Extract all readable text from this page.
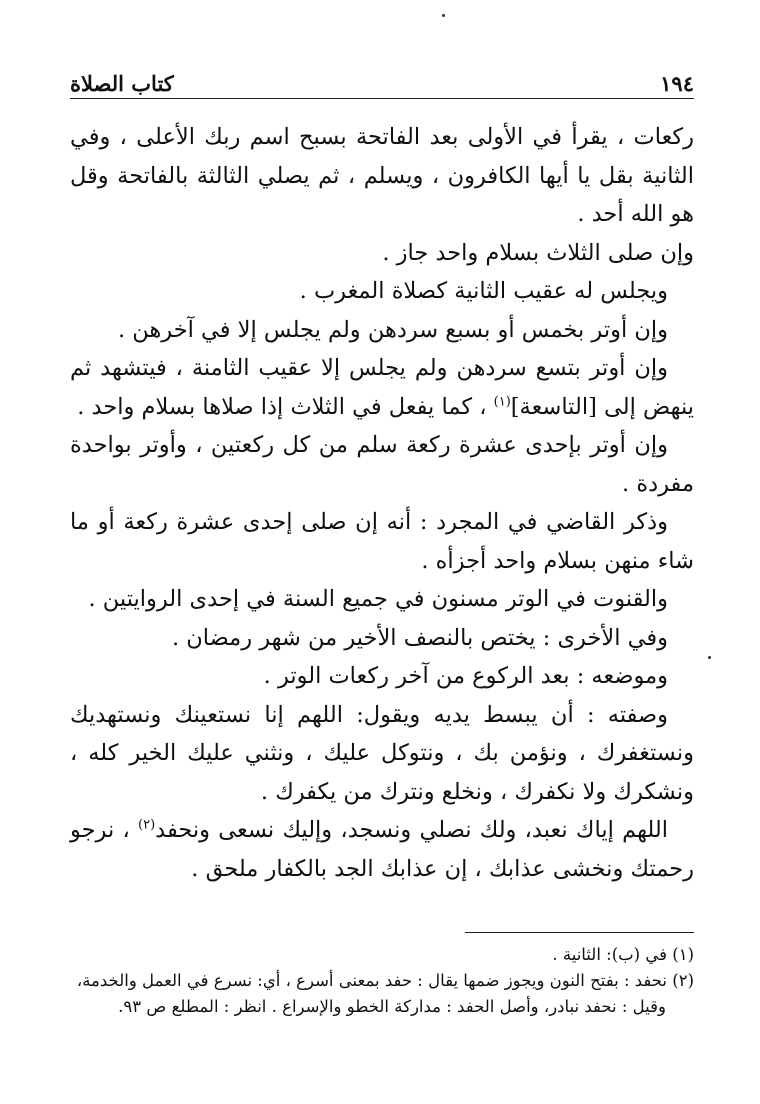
١٩٤
كتاب الصلاة

ركعات ، يقرأ في الأولى بعد الفاتحة بسبح اسم ربك الأعلى ، وفي الثانية بقل يا أيها الكافرون ، ويسلم ، ثم يصلي الثالثة بالفاتحة وقل هو الله أحد .
وإن صلى الثلاث بسلام واحد جاز .

ويجلس له عقيب الثانية كصلاة المغرب .

وإن أوتر بخمس أو بسبع سردهن ولم يجلس إلا في آخرهن .

وإن أوتر بتسع سردهن ولم يجلس إلا عقيب الثامنة ، فيتشهد ثم ينهض إلى [التاسعة]$^{(١)}$ ، كما يفعل في الثلاث إذا صلاها بسلام واحد .

وإن أوتر بإحدى عشرة ركعة سلم من كل ركعتين ، وأوتر بواحدة مفردة .

وذكر القاضي في المجرد : أنه إن صلى إحدى عشرة ركعة أو ما شاء منهن بسلام واحد أجزأه .

والقنوت في الوتر مسنون في جميع السنة في إحدى الروايتين .

وفي الأخرى : يختص بالنصف الأخير من شهر رمضان .

وموضعه : بعد الركوع من آخر ركعات الوتر .

وصفته : أن يبسط يديه ويقول: اللهم إنا نستعينك ونستهديك ونستغفرك ، ونؤمن بك ، ونتوكل عليك ، ونثني عليك الخير كله ، ونشكرك ولا نكفرك ، ونخلع ونترك من يكفرك .

اللهم إياك نعبد، ولك نصلي ونسجد، وإليك نسعى ونحفد$^{(٢)}$ ، نرجو رحمتك ونخشى عذابك ، إن عذابك الجد بالكفار ملحق .

(١) في (ب): الثانية .

(٢) نحفد : بفتح النون ويجوز ضمها يقال : حفد بمعنى أسرع ، أي: نسرع في العمل والخدمة،

وقيل : نحفد نبادر، وأصل الحفد : مداركة الخطو والإسراع . انظر : المطلع ص ٩٣.
